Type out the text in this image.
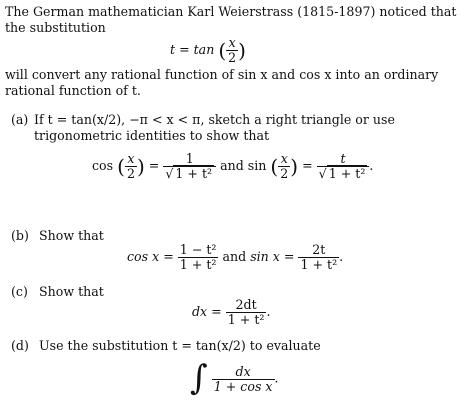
The German mathematician Karl Weierstrass (1815-1897) noticed that
the substitution
t = tan ( $\frac{x}{2}$ )
will convert any rational function of sin x and cos x into an ordinary
rational function of t.
(a) If t = tan(x/2), −π < x < π, sketch a right triangle or use
trigonometric identities to show that
cos ( $\frac{x}{2}$ ) = $\frac{1}{\text{√ 1 + t²}}$ and sin ( $\frac{x}{2}$ ) = $\frac{t}{\text{√ 1 + t²}}$ .
(b) Show that
$\cos x = \frac{\text{1 − t²}}{\text{1 + t²}}$ and $\sin x = \frac{2t}{\text{1 + t²}}$ .
(c) Show that
dx = $\frac{2dt}{\text{1 + t²}}$ .
(d) Use the substitution t = tan(x/2) to evaluate
∫ $\frac{dx}{\text{1 + cos x}}$ .
